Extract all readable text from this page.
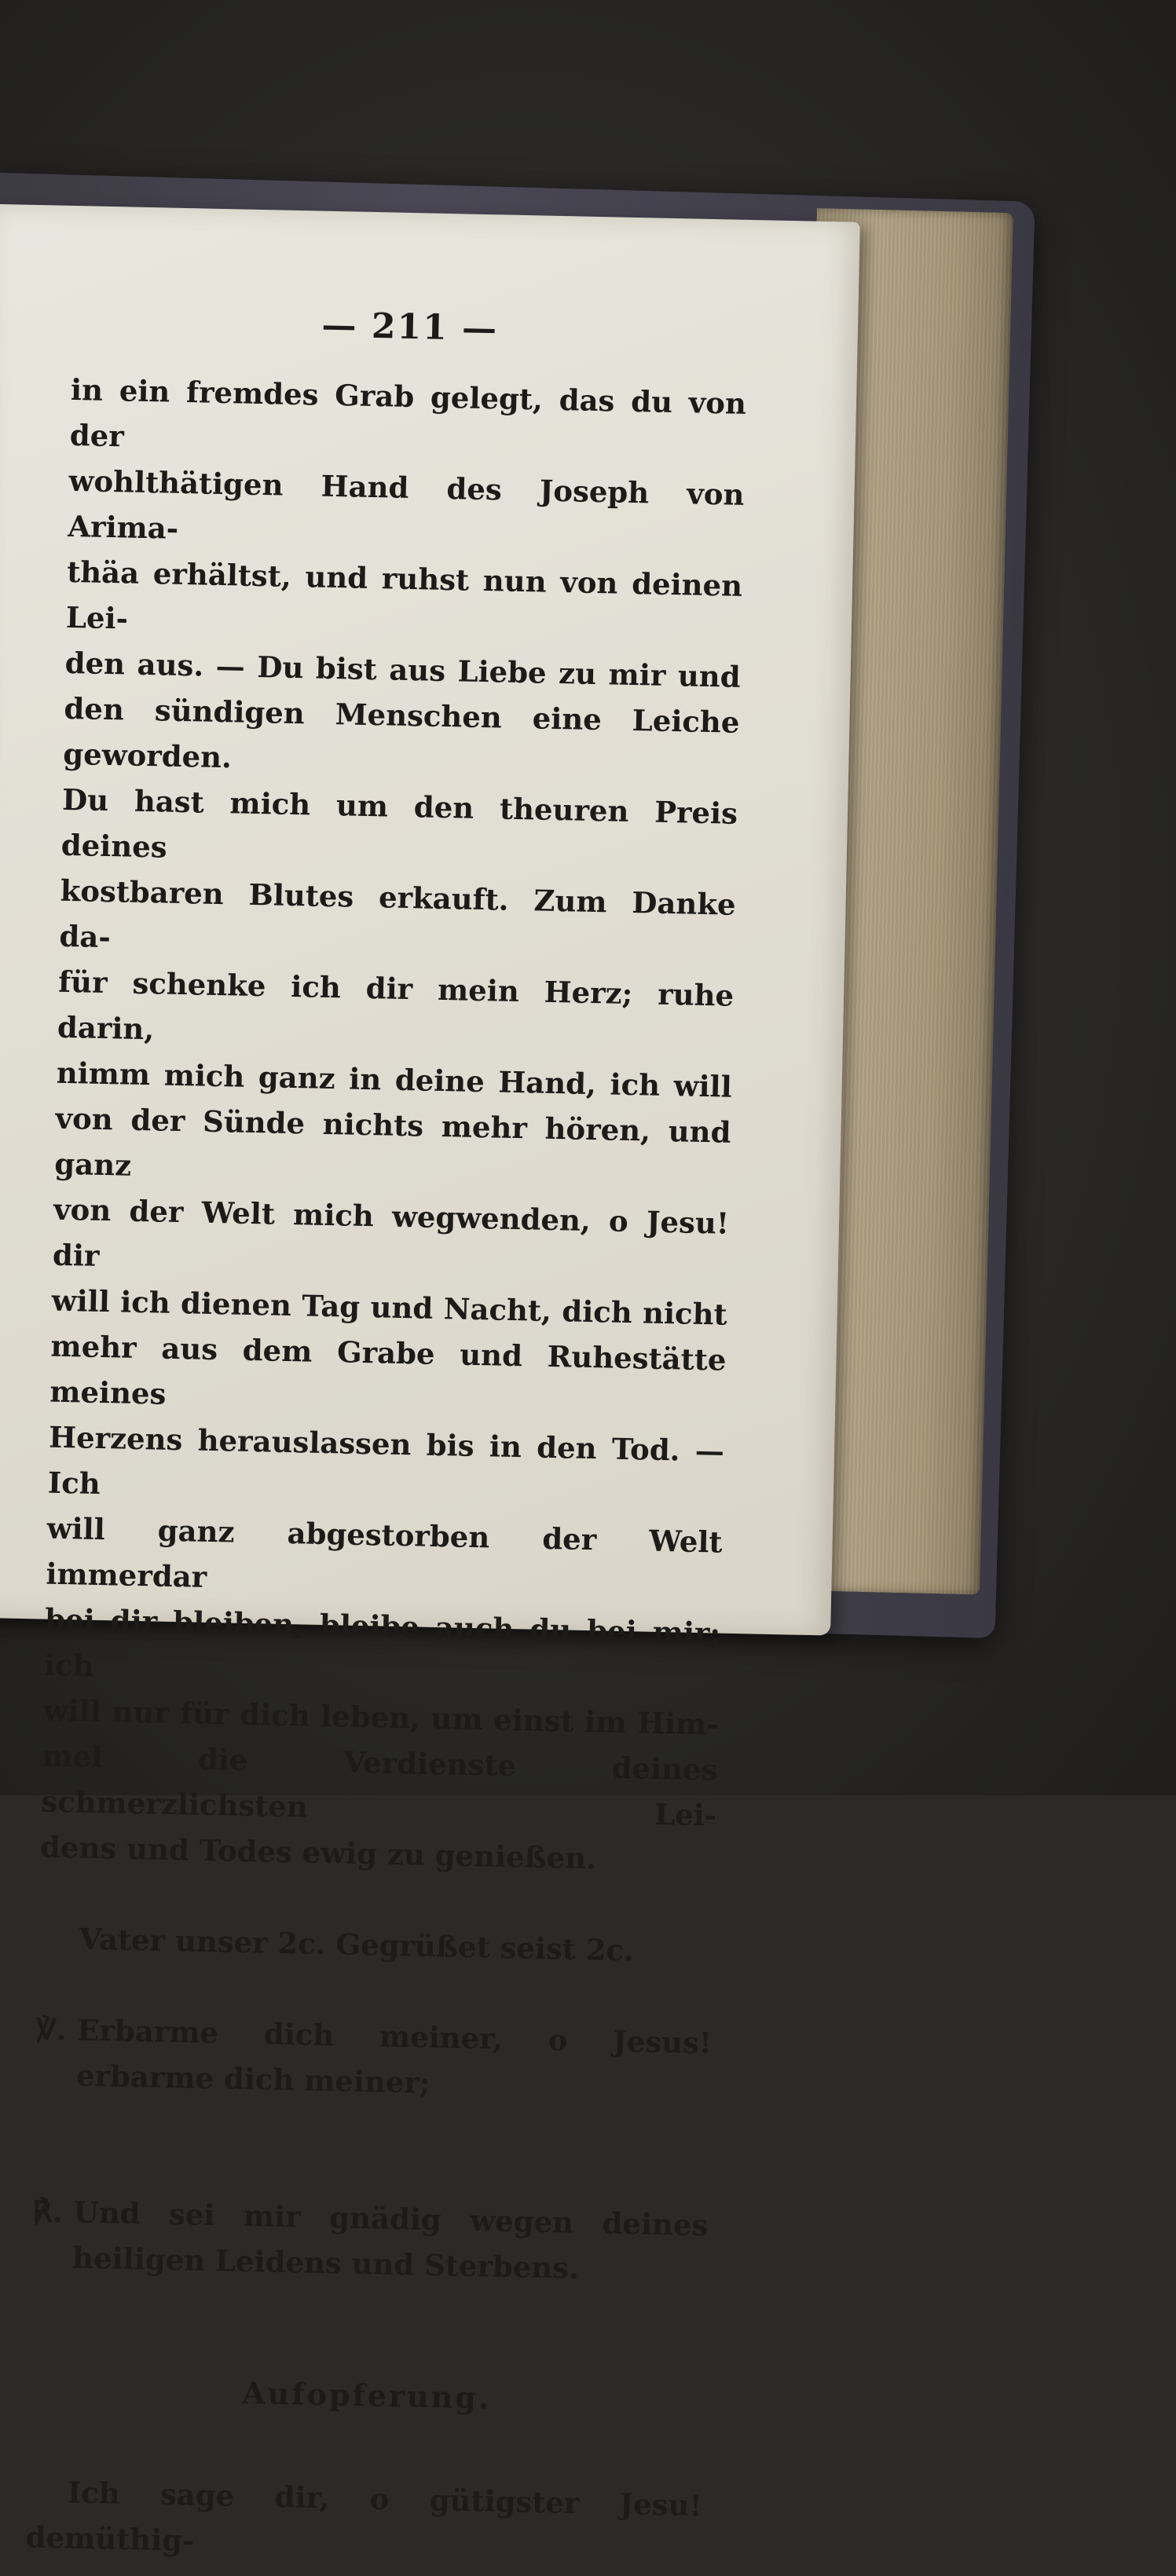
— 211 —
in ein fremdes Grab gelegt, das du von der
wohlthätigen Hand des Joseph von Arima-
thäa erhältst, und ruhst nun von deinen Lei-
den aus. — Du bist aus Liebe zu mir und
den sündigen Menschen eine Leiche geworden.
Du hast mich um den theuren Preis deines
kostbaren Blutes erkauft. Zum Danke da-
für schenke ich dir mein Herz; ruhe darin,
nimm mich ganz in deine Hand, ich will
von der Sünde nichts mehr hören, und ganz
von der Welt mich wegwenden, o Jesu! dir
will ich dienen Tag und Nacht, dich nicht
mehr aus dem Grabe und Ruhestätte meines
Herzens herauslassen bis in den Tod. — Ich
will ganz abgestorben der Welt immerdar
bei dir bleiben, bleibe auch du bei mir; ich
will nur für dich leben, um einst im Him-
mel die Verdienste deines schmerzlichsten Lei-
dens und Todes ewig zu genießen.

Vater unser 2c. Gegrüßet seist 2c.

℣. Erbarme dich meiner, o Jesus! erbarme dich meiner;

℟. Und sei mir gnädig wegen deines heiligen Leidens und Sterbens.

Aufopferung.

Ich sage dir, o gütigster Jesu! demüthig-
